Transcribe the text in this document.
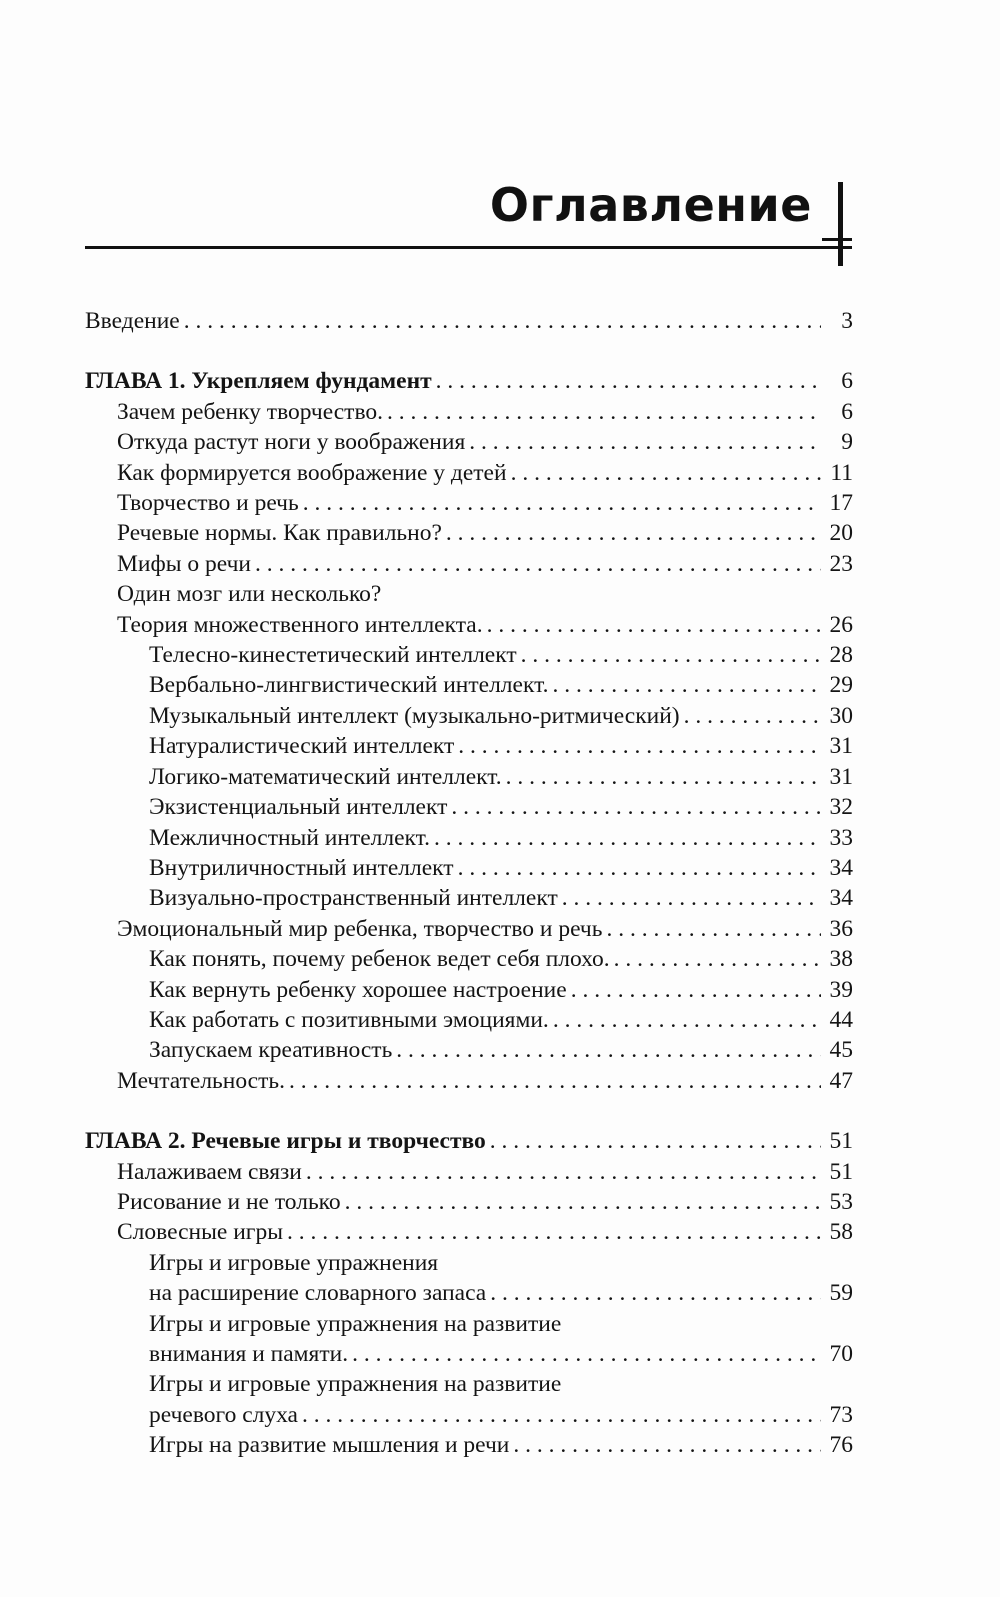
Оглавление
Введение . . .	3
ГЛАВА 1. Укрепляем фундамент . . .	6
Зачем ребенку творчество. . . .	6
Откуда растут ноги у воображения . . .	9
Как формируется воображение у детей . . .	11
Творчество и речь . . .	17
Речевые нормы. Как правильно? . . .	20
Мифы о речи . . .	23
Один мозг или несколько?
Теория множественного интеллекта. . . .	26
Телесно-кинестетический интеллект . . .	28
Вербально-лингвистический интеллект. . . .	29
Музыкальный интеллект (музыкально-ритмический) . . .	30
Натуралистический интеллект . . .	31
Логико-математический интеллект. . . .	31
Экзистенциальный интеллект . . .	32
Межличностный интеллект. . . .	33
Внутриличностный интеллект . . .	34
Визуально-пространственный интеллект . . .	34
Эмоциональный мир ребенка, творчество и речь . . .	36
Как понять, почему ребенок ведет себя плохо. . . .	38
Как вернуть ребенку хорошее настроение . . .	39
Как работать с позитивными эмоциями. . . .	44
Запускаем креативность . . .	45
Мечтательность. . . .	47
ГЛАВА 2. Речевые игры и творчество . . .	51
Налаживаем связи . . .	51
Рисование и не только . . .	53
Словесные игры . . .	58
Игры и игровые упражнения
на расширение словарного запаса . . .	59
Игры и игровые упражнения на развитие
внимания и памяти. . . .	70
Игры и игровые упражнения на развитие
речевого слуха . . .	73
Игры на развитие мышления и речи . . .	76
